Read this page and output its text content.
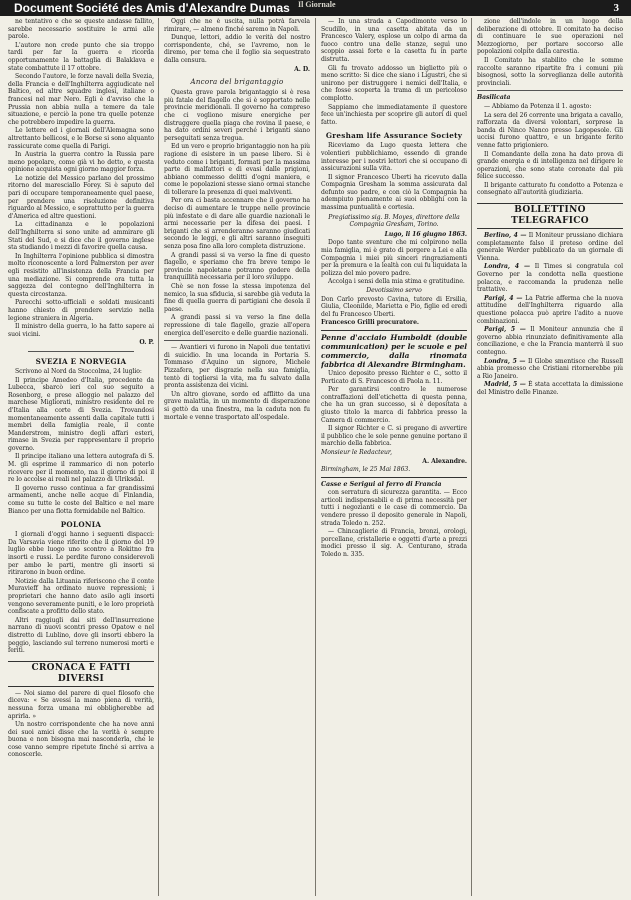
Document Société des Amis d'Alexandre Dumas Il Giornale	3

ne tentativo e che se queste andasse fallito, sarebbe necessario sostituire le armi alle parole.

L'autore non crede punto che sia troppo tardi per far la guerra e ricorda opportunamente la battaglia di Balaklava e state combattute il 17 ottobre.

Secondo l'autore, le forze navali della Svezia, della Francia e dell'Inghilterra aggiudicate nel Baltico, ed altre squadre inglesi, italiane o francesi nel mar Nero. Egli è d'avviso che la Prussia non abbia nulla a temere da tale situazione, e perciò la pone tra quelle potenze che potrebbero impedire la guerra.

Le lettere ed i giornali dell'Alemagna sono altrettanto bellicosi, e le Borse si sono alquanto rassicurate come quella di Parigi.

In Austria la guerra contro la Russia pare meno popolare, come già vi ho detto, e questa opinione acquista ogni giorno maggior forza.

Le notizie del Messico parlano del prossimo ritorno del maresciallo Forey. Si è saputo del pari di occupare temporaneamente quel paese, per prendere una risoluzione definitiva riguardo al Messico, e soprattutto per la guerra d'America ed altre questioni.

La cittadinanza e le popolazioni dell'Inghilterra si sono unite ad ammirare gli Stati del Sud, e si dice che il governo inglese sta studiando i mezzi di favorire quella causa.

In Inghilterra l'opinione pubblica si dimostra molto riconoscente a lord Palmerston per aver egli resistito all'insistenza della Francia per una mediazione. Si comprende ora tutta la saggezza del contegno dell'Inghilterra in questa circostanza.

Parecchi sotto-ufficiali e soldati musicanti hanno chiesto di prendere servizio nella legione straniera in Algeria.

Il ministro della guerra, lo ha fatto sapere ai suoi vicini.

O. P.
SVEZIA E NORVEGIA

Scrivono al Nord da Stoccolma, 24 luglio:

Il principe Amedeo d'Italia, procedente da Lubecca, sbarcò ieri col suo seguito a Rosenborg, e prese alloggio nel palazzo del marchese Migliorati, ministro residente del re d'Italia alla corte di Svezia. Trovandosi momentaneamente assenti dalla capitale tutti i membri della famiglia reale, il conte Manderstrom, ministro degli affari esteri, rimase in Svezia per rappresentare il proprio governo.

Il principe italiano una lettera autografa di S. M. gli esprime il rammarico di non poterlo ricevere per il momento, ma il giorno di poi il re lo accolse ai reali nel palazzo di Ulriksdal.

Il governo russo continua a far grandissimi armamenti, anche nelle acque di Finlandia, come su tutte le coste del Baltico e nel mare Bianco per una flotta formidabile nel Baltico.

POLONIA

I giornali d'oggi hanno i seguenti dispacci: Da Varsavia viene riferito che il giorno del 19 luglio ebbe luogo uno scontro a Rokitno fra insorti e russi. Le perdite furono considerevoli per ambo le parti, mentre gli insorti si ritirarono in buon ordine.

Notizie dalla Lituania riferiscono che il conte Muravieff ha ordinato nuove repressioni; i proprietari che hanno dato asilo agli insorti vengono severamente puniti, e le loro proprietà confiscate a profitto dello stato.

Altri raggiugli dai siti dell'insurrezione narrano di nuovi scontri presso Opatow e nel distretto di Lublino, dove gli insorti ebbero la peggio, lasciando sul terreno numerosi morti e feriti.

CRONACA E FATTI DIVERSI

— Noi siamo del parere di quel filosofo che diceva: « Se avessi la mano piena di verità, nessuna forza umana mi obbligherebbe ad aprirla. »

Un nostro corrispondente che ha nove anni dei suoi amici disse che la verità è sempre buona e non bisogna mai nasconderla, che le cose vanno sempre ripetute finché si arriva a conoscerle.

Oggi che ne è uscita, nulla potrà farvela rimirare, — almeno finché saremo in Napoli.

Dunque, lettori, addio le verità del nostro corrispondente, ché, se l'avremo, non le diremo, per tema che il foglio sia sequestrato dalla censura.

A. D.
Ancora del brigantaggio

Questa grave parola brigantaggio si è resa più fatale del flagello che si è sopportato nelle provincie meridionali. Il governo ha compreso che ci vogliono misure energiche per distruggere quella piaga che rovina il paese, e ha dato ordini severi perché i briganti siano perseguitati senza tregua.

Ed un vero e proprio brigantaggio non ha più ragione di esistere in un paese libero. Si è veduto come i briganti, formati per la massima parte di malfattori e di evasi dalle prigioni, abbiano commesso delitti d'ogni maniera, e come le popolazioni stesse siano ormai stanche di tollerare la presenza di quei malviventi.

Per ora ci basta accennare che il governo ha deciso di aumentare le truppe nelle provincie più infestate e di dare alle guardie nazionali le armi necessarie per la difesa dei paesi. I briganti che si arrenderanno saranno giudicati secondo le leggi, e gli altri saranno inseguiti senza posa fino alla loro completa distruzione.

A grandi passi si va verso la fine di questo flagello, e speriamo che fra breve tempo le provincie napoletane potranno godere della tranquillità necessaria per il loro sviluppo.

Chè se non fosse la stessa impotenza del nemico, la sua sfiducia, si sarebbe già veduta la fine di quella guerra di partigiani che desola il paese.

A grandi passi si va verso la fine della repressione di tale flagello, grazie all'opera energica dell'esercito e delle guardie nazionali.

— Avantieri vi furono in Napoli due tentativi di suicidio. In una locanda in Portaria S. Tommaso d'Aquino un signore, Michele Pizzafera, per disgrazie nella sua famiglia, tentò di togliersi la vita, ma fu salvato dalla pronta assistenza dei vicini.

Un altro giovane, sordo ed afflitto da una grave malattia, in un momento di disperazione si gettò da una finestra, ma la caduta non fu mortale e venne trasportato all'ospedale.

— In una strada a Capodimonte verso lo Scudillo, in una casetta abitata da un Francesco Valery, esplose un colpo di arma da fuoco contro una delle stanze, seguì uno scoppio assai forte e la casetta fu in parte distrutta.

Gli fu trovato addosso un biglietto più o meno scritto: Si dice che siano i Ligustri, che si unirono per distruggere i nemici dell'Italia, e che fosse scoperta la trama di un pericoloso complotto.

Sappiamo che immediatamente il questore fece un'inchiesta per scoprire gli autori di quel fatto.

Gresham life Assurance Society

Riceviamo da Lugo questa lettera che volentieri pubblichiamo, essendo di grande interesse per i nostri lettori che si occupano di assicurazioni sulla vita.

Il signor Francesco Uberti ha ricevuto dalla Compagnia Gresham la somma assicurata dal defunto suo padre, e con ciò la Compagnia ha adempiuto pienamente ai suoi obblighi con la massima puntualità e cortesia.

Pregiatissimo sig. B. Moyes, direttore della Compagnia Gresham, Torino.

Lugo, li 16 giugno 1863.

Dopo tante sventure che mi colpirono nella mia famiglia, mi è grato di porgere a Lei e alla Compagnia i miei più sinceri ringraziamenti per la premura e la lealtà con cui fu liquidata la polizza del mio povero padre.

Accolga i sensi della mia stima e gratitudine.

Devotissimo servo

Don Carlo prevosto Cavina, tutore di Ersilia, Giulia, Cleonilde, Marietta e Pio, figlie ed eredi del fu Francesco Uberti.

Francesco Grilli procuratore.

Penne d'acciaio Humboldt (double communication) per le scuole e pel commercio, dalla rinomata fabbrica di Alexandre Birmingham.

Unico deposito presso Richter e C., sotto il Porticato di S. Francesco di Paola n. 11.

Per garantirsi contro le numerose contraffazioni dell'etichetta di questa penna, che ha un gran successo, si è depositata a giusto titolo la marca di fabbrica presso la Camera di commercio.

Il signor Richter e C. si pregano di avvertire il pubblico che le sole penne genuine portano il marchio della fabbrica.

Monsieur le Redacteur,

A. Alexandre.

Birmingham, le 25 Mai 1863.

Casse e Serigui al ferro di Francia

con serratura di sicurezza garantita. — Ecco articoli indispensabili e di prima necessità per tutti i negozianti e le case di commercio. Da vendere presso il deposito generale in Napoli, strada Toledo n. 252.

— Chincaglierie di Francia, bronzi, orologi, porcellane, cristallerie e oggetti d'arte a prezzi modici presso il sig. A. Centurano, strada Toledo n. 335.

zione dell'indole in un luogo della deliberazione di ottobre. Il comitato ha deciso di continuare le sue operazioni nel Mezzogiorno, per portare soccorso alle popolazioni colpite dalla carestia.

Il Comitato ha stabilito che le somme raccolte saranno ripartite fra i comuni più bisognosi, sotto la sorveglianza delle autorità provinciali.

Basilicata

— Abbiamo da Potenza il 1. agosto:

La sera del 26 corrente una brigata a cavallo, rafforzata da diversi volontari, sorprese la banda di Ninco Nanco presso Lagopesole. Gli uccisi furono quattro, e un brigante ferito venne fatto prigioniero.

Il Comandante della zona ha dato prova di grande energia e di intelligenza nel dirigere le operazioni, che sono state coronate dal più felice successo.

Il brigante catturato fu condotto a Potenza e consegnato all'autorità giudiziaria.

BOLLETTINO TELEGRAFICO

Berlino, 4 — Il Moniteur prussiano dichiara completamente falso il preteso ordine del generale Werder pubblicato da un giornale di Vienna.

Londra, 4 — Il Times si congratula col Governo per la condotta nella questione polacca, e raccomanda la prudenza nelle trattative.

Parigi, 4 — La Patrie afferma che la nuova attitudine dell'Inghilterra riguardo alla questione polacca può aprire l'adito a nuove combinazioni.

Parigi, 5 — Il Moniteur annunzia che il governo abbia rinunziato definitivamente alla conciliazione, e che la Francia manterrà il suo contegno.

Londra, 5 — Il Globe smentisce che Russell abbia promesso che Cristiani ritornerebbe più a Rio Janeiro.

Madrid, 5 — È stata accettata la dimissione del Ministro delle Finanze.
